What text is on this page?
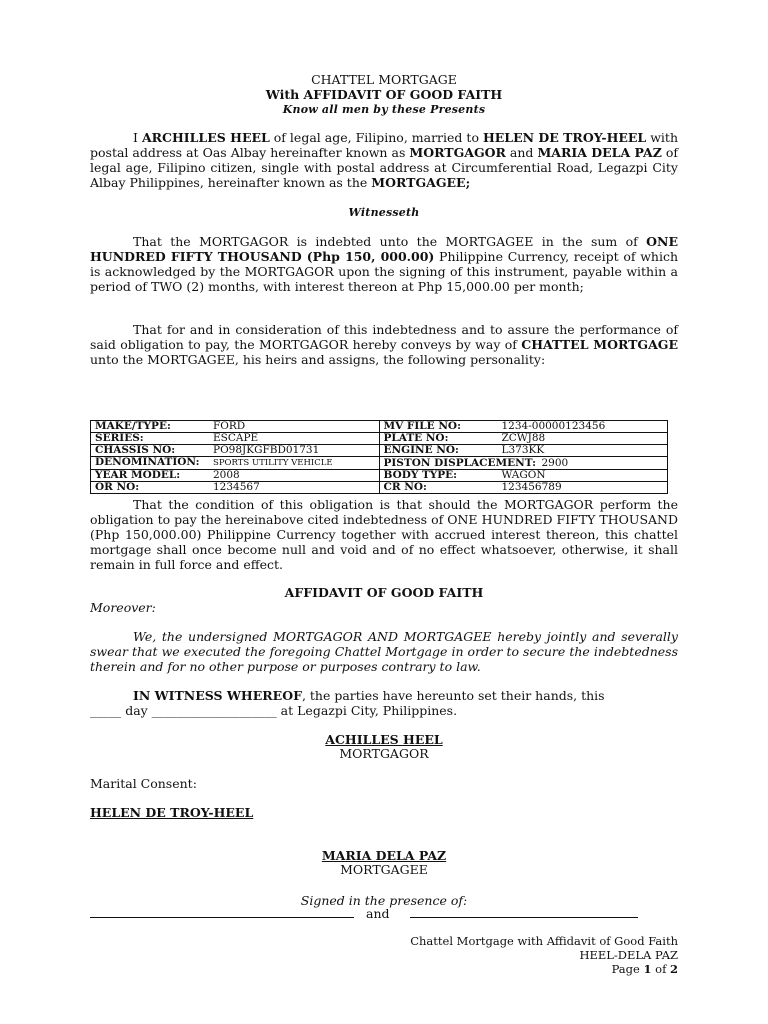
CHATTEL MORTGAGE

With AFFIDAVIT OF GOOD FAITH

Know all men by these Presents

I ARCHILLES HEEL of legal age, Filipino, married to HELEN DE TROY-HEEL with postal address at Oas Albay hereinafter known as MORTGAGOR and MARIA DELA PAZ of legal age, Filipino citizen, single with postal address at Circumferential Road, Legazpi City Albay Philippines, hereinafter known as the MORTGAGEE;

Witnesseth

That the MORTGAGOR is indebted unto the MORTGAGEE in the sum of ONE HUNDRED FIFTY THOUSAND (Php 150, 000.00) Philippine Currency, receipt of which is acknowledged by the MORTGAGOR upon the signing of this instrument, payable within a period of TWO (2) months, with interest thereon at Php 15,000.00 per month;

That for and in consideration of this indebtedness and to assure the performance of said obligation to pay, the MORTGAGOR hereby conveys by way of CHATTEL MORTGAGE unto the MORTGAGEE, his heirs and assigns, the following personality:

MAKE/TYPE: FORD	MV FILE NO: 1234-00000123456
SERIES: ESCAPE	PLATE NO: ZCWJ88
CHASSIS NO: PO98JKGFBD01731	ENGINE NO: L373KK
DENOMINATION: SPORTS UTILITY VEHICLE	PISTON DISPLACEMENT: 2900
YEAR MODEL: 2008	BODY TYPE: WAGON
OR NO: 1234567	CR NO: 123456789

That the condition of this obligation is that should the MORTGAGOR perform the obligation to pay the hereinabove cited indebtedness of ONE HUNDRED FIFTY THOUSAND (Php 150,000.00) Philippine Currency together with accrued interest thereon, this chattel mortgage shall once become null and void and of no effect whatsoever, otherwise, it shall remain in full force and effect.

AFFIDAVIT OF GOOD FAITH

Moreover:

We, the undersigned MORTGAGOR AND MORTGAGEE hereby jointly and severally swear that we executed the foregoing Chattel Mortgage in order to secure the indebtedness therein and for no other purpose or purposes contrary to law.

IN WITNESS WHEREOF, the parties have hereunto set their hands, this
_____ day ____________________ at Legazpi City, Philippines.

ACHILLES HEEL

MORTGAGOR

Marital Consent:

HELEN DE TROY-HEEL

MARIA DELA PAZ

MORTGAGEE

Signed in the presence of:

and

Chattel Mortgage with Affidavit of Good Faith

HEEL-DELA PAZ

Page 1 of 2
